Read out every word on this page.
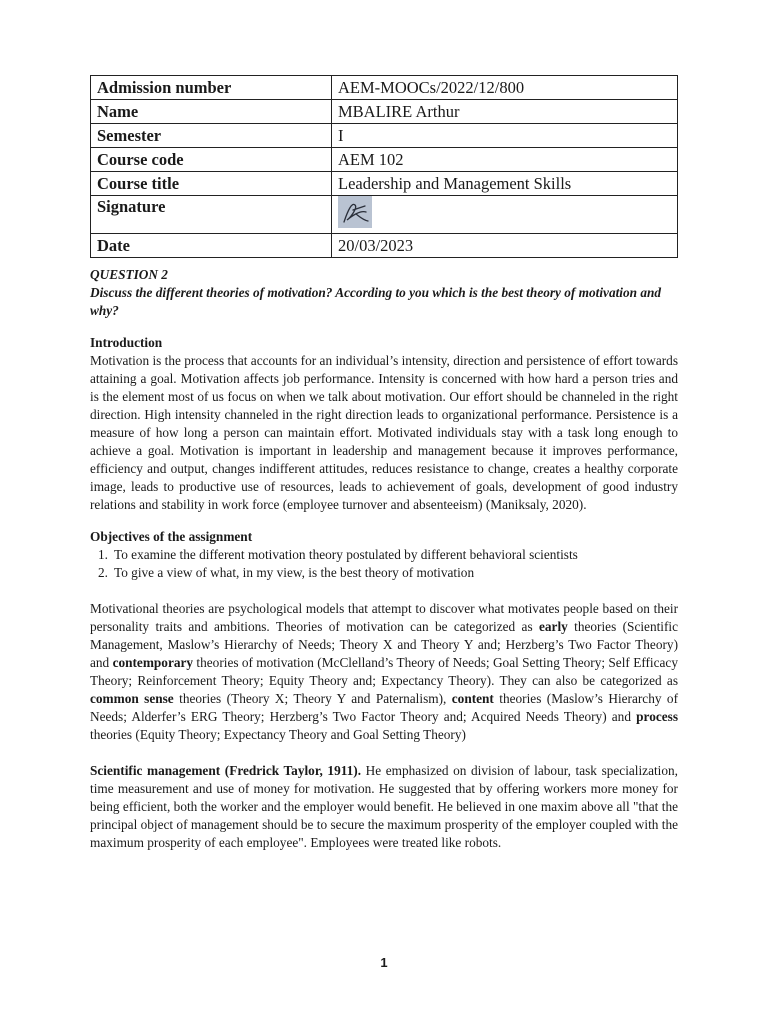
Admission number	AEM-MOOCs/2022/12/800
Name	MBALIRE Arthur
Semester	I
Course code	AEM 102
Course title	Leadership and Management Skills
Signature	

Date	20/03/2023

QUESTION 2

Discuss the different theories of motivation? According to you which is the best theory of motivation and why?

Introduction

Motivation is the process that accounts for an individual’s intensity, direction and persistence of effort towards attaining a goal. Motivation affects job performance. Intensity is concerned with how hard a person tries and is the element most of us focus on when we talk about motivation. Our effort should be channeled in the right direction. High intensity channeled in the right direction leads to organizational performance. Persistence is a measure of how long a person can maintain effort. Motivated individuals stay with a task long enough to achieve a goal. Motivation is important in leadership and management because it improves performance, efficiency and output, changes indifferent attitudes, reduces resistance to change, creates a healthy corporate image, leads to productive use of resources, leads to achievement of goals, development of good industry relations and stability in work force (employee turnover and absenteeism) (Maniksaly, 2020).

Objectives of the assignment

1. To examine the different motivation theory postulated by different behavioral scientists
2. To give a view of what, in my view, is the best theory of motivation

Motivational theories are psychological models that attempt to discover what motivates people based on their personality traits and ambitions. Theories of motivation can be categorized as early theories (Scientific Management, Maslow’s Hierarchy of Needs; Theory X and Theory Y and; Herzberg’s Two Factor Theory) and contemporary theories of motivation (McClelland’s Theory of Needs; Goal Setting Theory; Self Efficacy Theory; Reinforcement Theory; Equity Theory and; Expectancy Theory). They can also be categorized as common sense theories (Theory X; Theory Y and Paternalism), content theories (Maslow’s Hierarchy of Needs; Alderfer’s ERG Theory; Herzberg’s Two Factor Theory and; Acquired Needs Theory) and process theories (Equity Theory; Expectancy Theory and Goal Setting Theory)

Scientific management (Fredrick Taylor, 1911). He emphasized on division of labour, task specialization, time measurement and use of money for motivation. He suggested that by offering workers more money for being efficient, both the worker and the employer would benefit. He believed in one maxim above all "that the principal object of management should be to secure the maximum prosperity of the employer coupled with the maximum prosperity of each employee". Employees were treated like robots.

1
